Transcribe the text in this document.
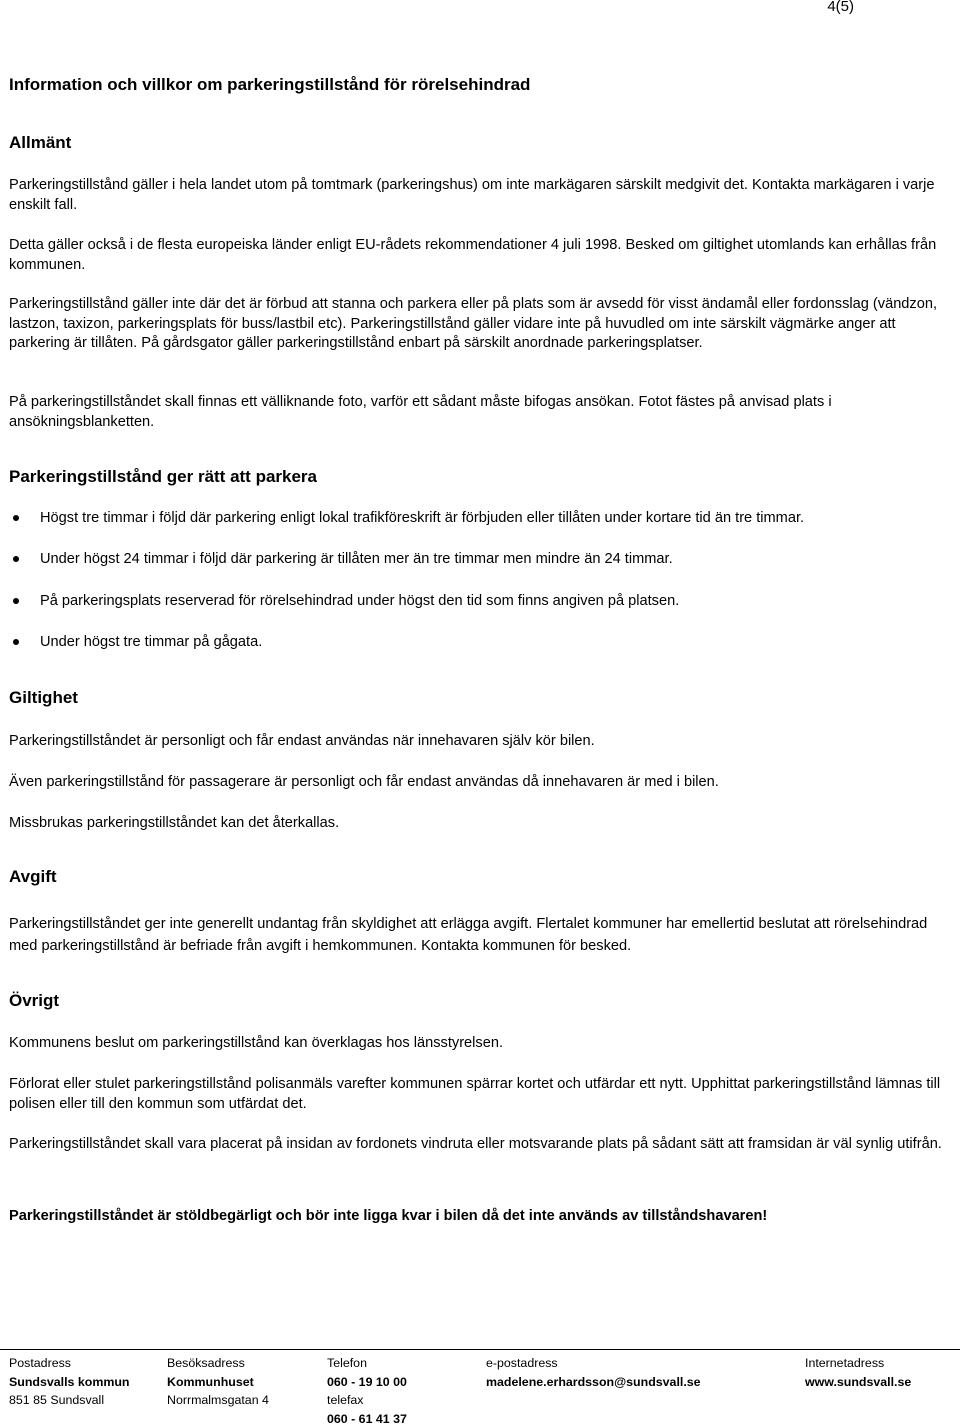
4(5)
Information och villkor om parkeringstillstånd för rörelsehindrad
Allmänt

Parkeringstillstånd gäller i hela landet utom på tomtmark (parkeringshus) om inte markägaren särskilt medgivit det. Kontakta markägaren i varje enskilt fall.

Detta gäller också i de flesta europeiska länder enligt EU-rådets rekommendationer 4 juli 1998. Besked om giltighet utomlands kan erhållas från kommunen.

Parkeringstillstånd gäller inte där det är förbud att stanna och parkera eller på plats som är avsedd för visst ändamål eller fordonsslag (vändzon, lastzon, taxizon, parkeringsplats för buss/lastbil etc). Parkeringstillstånd gäller vidare inte på huvudled om inte särskilt vägmärke anger att parkering är tillåten. På gårdsgator gäller parkeringstillstånd enbart på särskilt anordnade parkeringsplatser.

På parkeringstillståndet skall finnas ett välliknande foto, varför ett sådant måste bifogas ansökan. Fotot fästes på anvisad plats i ansökningsblanketten.

Parkeringstillstånd ger rätt att parkera
Högst tre timmar i följd där parkering enligt lokal trafikföreskrift är förbjuden eller tillåten under kortare tid än tre timmar.
Under högst 24 timmar i följd där parkering är tillåten mer än tre timmar men mindre än 24 timmar.
På parkeringsplats reserverad för rörelsehindrad under högst den tid som finns angiven på platsen.
Under högst tre timmar på gågata.
Giltighet

Parkeringstillståndet är personligt och får endast användas när innehavaren själv kör bilen.

Även parkeringstillstånd för passagerare är personligt och får endast användas då innehavaren är med i bilen.

Missbrukas parkeringstillståndet kan det återkallas.

Avgift

Parkeringstillståndet ger inte generellt undantag från skyldighet att erlägga avgift. Flertalet kommuner har emellertid beslutat att rörelsehindrad med parkeringstillstånd är befriade från avgift i hemkommunen. Kontakta kommunen för besked.

Övrigt

Kommunens beslut om parkeringstillstånd kan överklagas hos länsstyrelsen.

Förlorat eller stulet parkeringstillstånd polisanmäls varefter kommunen spärrar kortet och utfärdar ett nytt. Upphittat parkeringstillstånd lämnas till polisen eller till den kommun som utfärdat det.

Parkeringstillståndet skall vara placerat på insidan av fordonets vindruta eller motsvarande plats på sådant sätt att framsidan är väl synlig utifrån.

Parkeringstillståndet är stöldbegärligt och bör inte ligga kvar i bilen då det inte används av tillståndshavaren!

Postadress
Sundsvalls kommun
851 85 Sundsvall
Besöksadress
Kommunhuset
Norrmalmsgatan 4
Telefon
060 - 19 10 00
telefax
060 - 61 41 37
e-postadress
madelene.erhardsson@sundsvall.se
Internetadress
www.sundsvall.se
